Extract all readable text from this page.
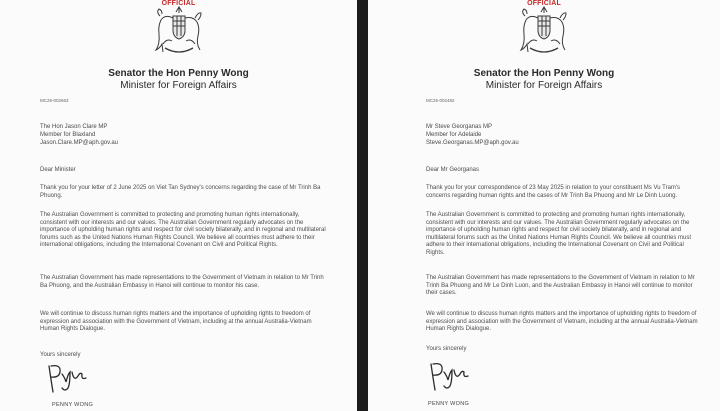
OFFICIAL
Senator the Hon Penny Wong
Minister for Foreign Affairs
MC25-002663
The Hon Jason Clare MP
Member for Blaxland
Jason.Clare.MP@aph.gov.au
Dear Minister
Thank you for your letter of 2 June 2025 on Viet Tan Sydney's concerns regarding the case of Mr Trinh Ba Phuong.
The Australian Government is committed to protecting and promoting human rights internationally, consistent with our interests and our values. The Australian Government regularly advocates on the importance of upholding human rights and respect for civil society bilaterally, and in regional and multilateral forums such as the United Nations Human Rights Council. We believe all countries must adhere to their international obligations, including the International Covenant on Civil and Political Rights.
The Australian Government has made representations to the Government of Vietnam in relation to Mr Trinh Ba Phuong, and the Australian Embassy in Hanoi will continue to monitor his case.
We will continue to discuss human rights matters and the importance of upholding rights to freedom of expression and association with the Government of Vietnam, including at the annual Australia-Vietnam Human Rights Dialogue.
Yours sincerely
PENNY WONG
OFFICIAL
Senator the Hon Penny Wong
Minister for Foreign Affairs
MC25-002482
Mr Steve Georganas MP
Member for Adelaide
Steve.Georganas.MP@aph.gov.au
Dear Mr Georganas
Thank you for your correspondence of 23 May 2025 in relation to your constituent Ms Vu Tram's concerns regarding human rights and the cases of Mr Trinh Ba Phuong and Mr Le Dinh Luong.
The Australian Government is committed to protecting and promoting human rights internationally, consistent with our interests and our values. The Australian Government regularly advocates on the importance of upholding human rights and respect for civil society bilaterally, and in regional and multilateral forums such as the United Nations Human Rights Council. We believe all countries must adhere to their international obligations, including the International Covenant on Civil and Political Rights.
The Australian Government has made representations to the Government of Vietnam in relation to Mr Trinh Ba Phuong and Mr Le Dinh Luon, and the Australian Embassy in Hanoi will continue to monitor their cases.
We will continue to discuss human rights matters and the importance of upholding rights to freedom of expression and association with the Government of Vietnam, including at the annual Australia-Vietnam Human Rights Dialogue.
Yours sincerely
PENNY WONG
